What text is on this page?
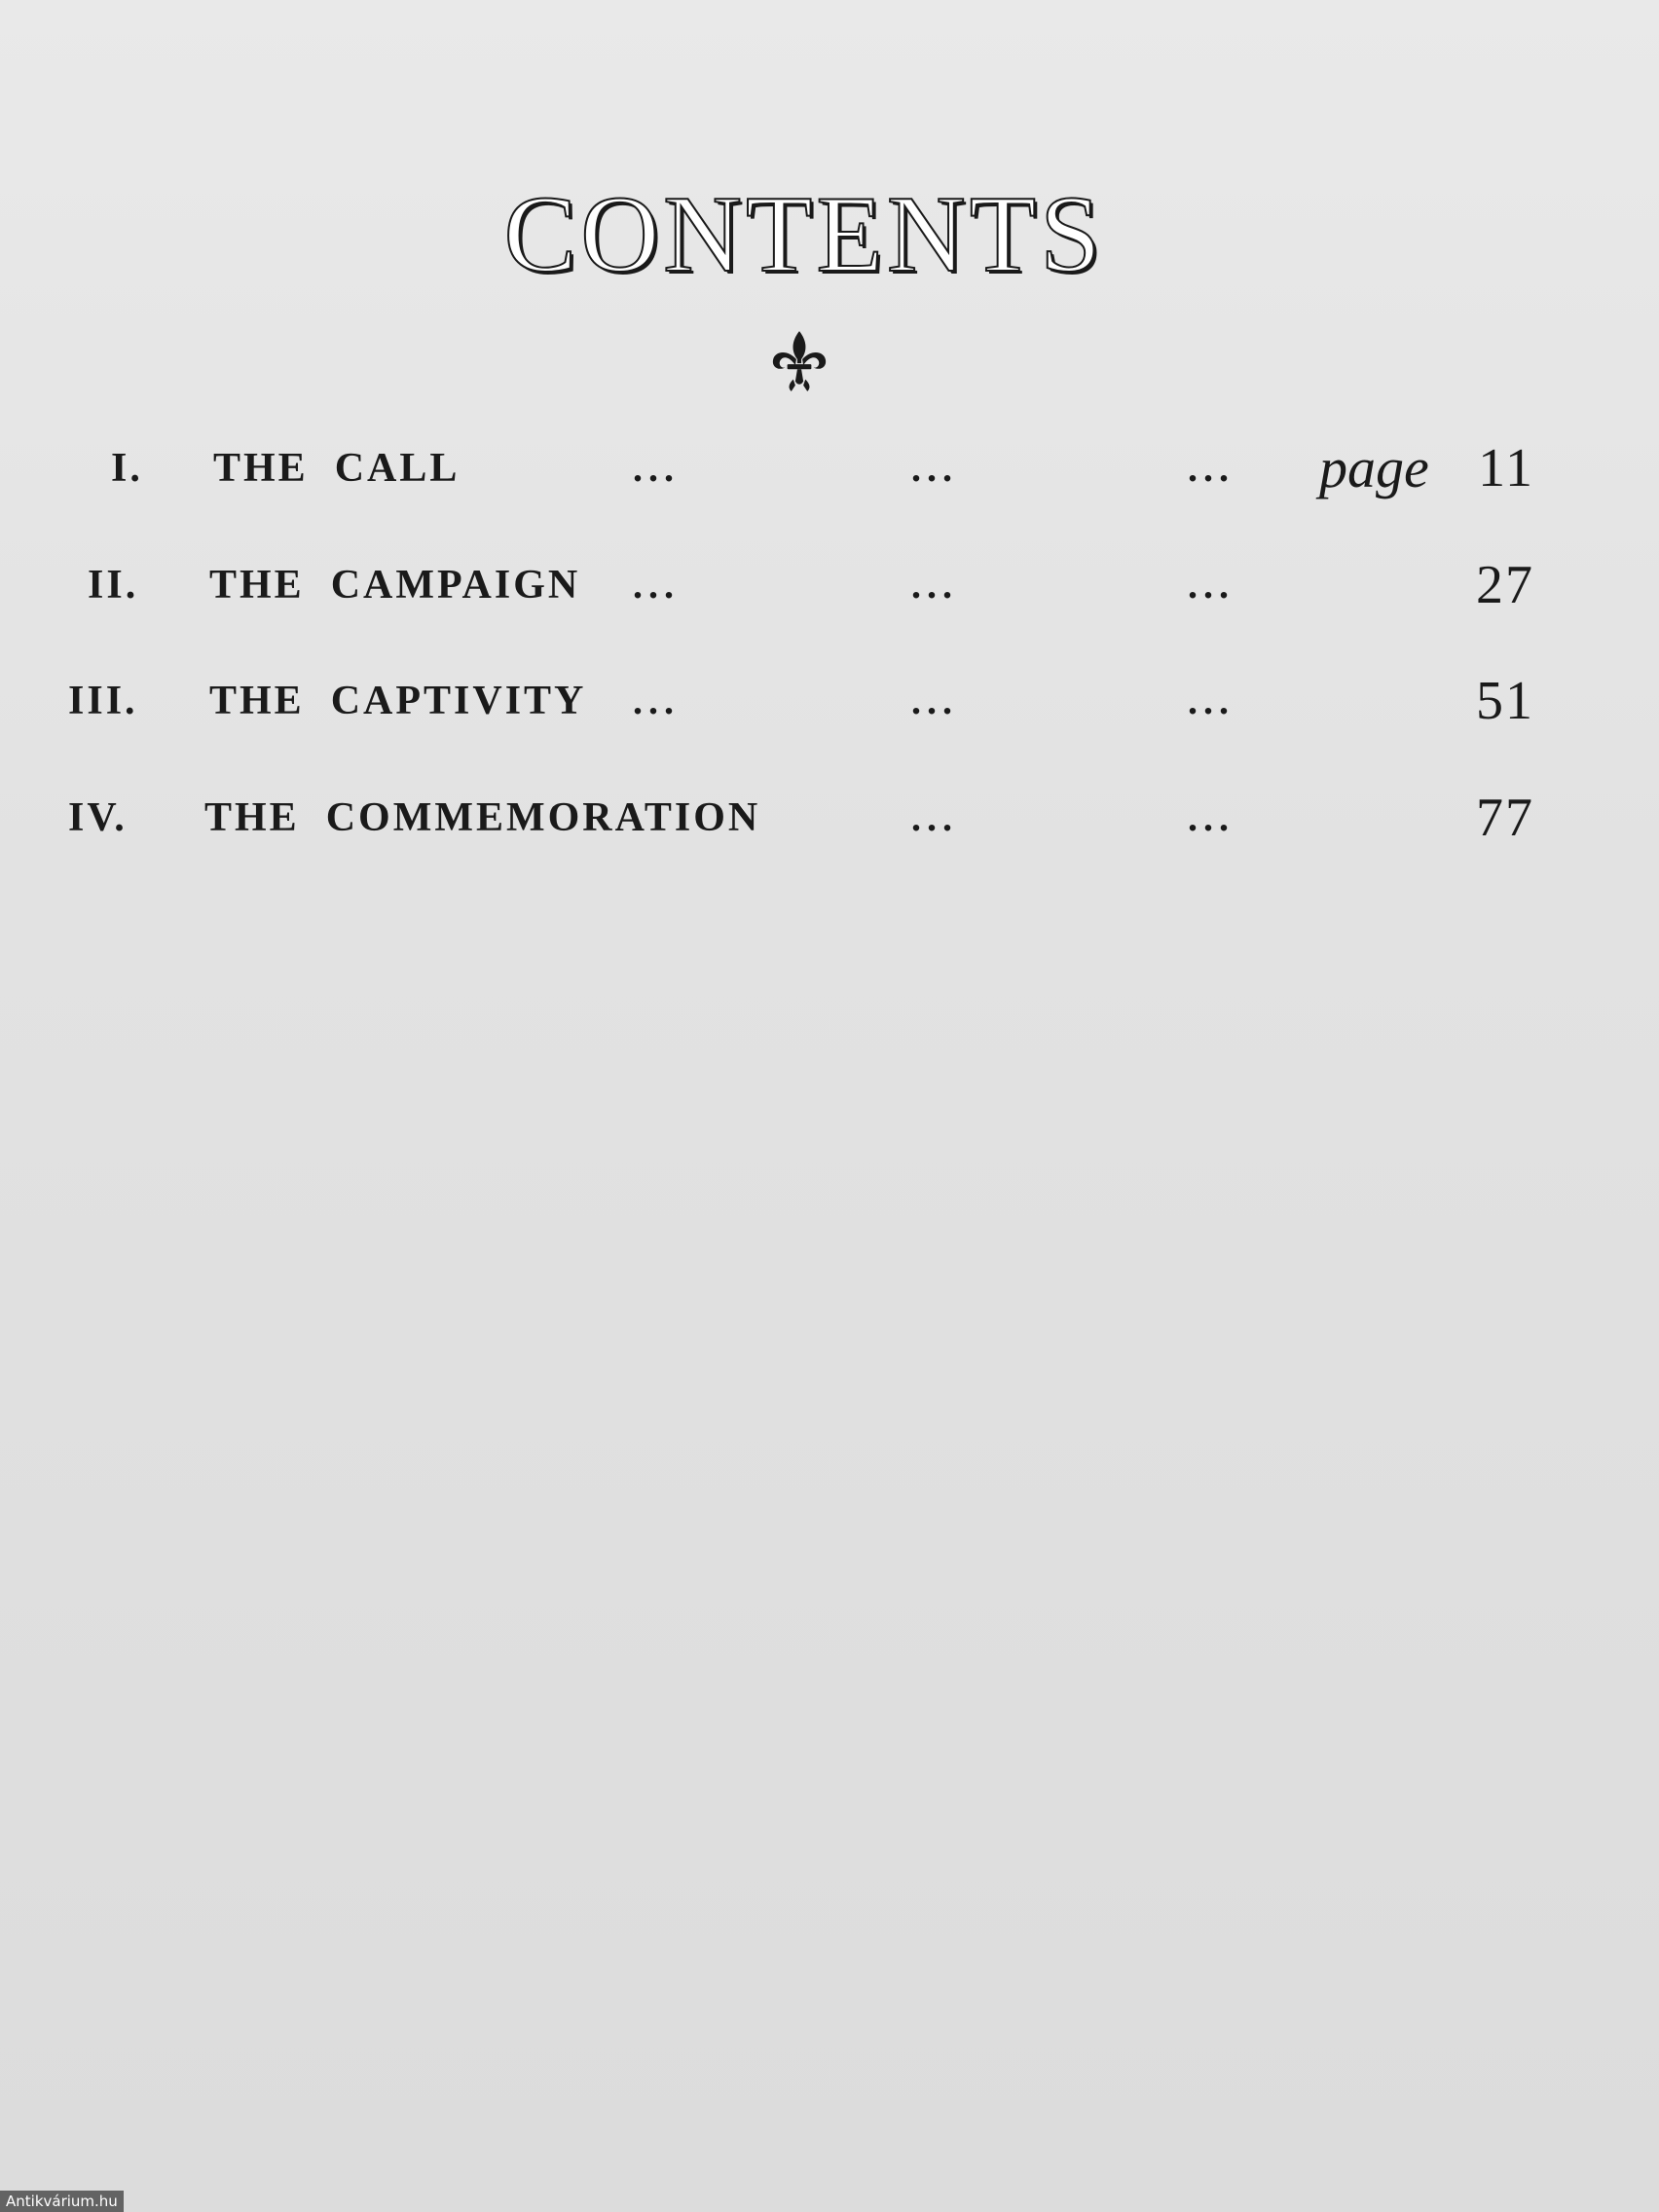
CONTENTS
I. THE  CALL	...	...	... page 11
II. THE  CAMPAIGN ...	...	...	27
III. THE  CAPTIVITY ...	...	...	51
IV. THE  COMMEMORATION	...	...	77
Antikvárium.hu
